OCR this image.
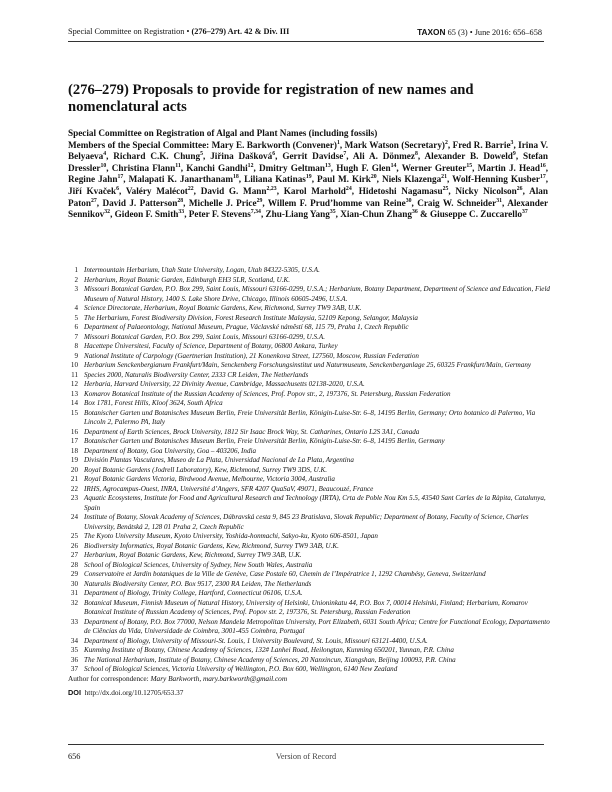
Special Committee on Registration • (276–279) Art. 42 & Div. III	TAXON 65 (3) • June 2016: 656–658
(276–279) Proposals to provide for registration of new names and nomenclatural acts

Special Committee on Registration of Algal and Plant Names (including fossils)

Members of the Special Committee: Mary E. Barkworth (Convener)$^1$, Mark Watson (Secretary)$^2$, Fred R. Barrie$^3$, Irina V. Belyaeva$^4$, Richard C.K. Chung$^5$, Jiřina Dašková$^6$, Gerrit Davidse$^7$, Ali A. Dönmez$^8$, Alexander B. Doweld$^9$, Stefan Dressler$^{10}$, Christina Flann$^{11}$, Kanchi Gandhi$^{12}$, Dmitry Geltman$^{13}$, Hugh F. Glen$^{14}$, Werner Greuter$^{15}$, Martin J. Head$^{16}$, Regine Jahn$^{17}$, Malapati K. Janarthanam$^{18}$, Liliana Katinas$^{19}$, Paul M. Kirk$^{20}$, Niels Klazenga$^{21}$, Wolf-Henning Kusber$^{17}$, Jiří Kvaček$^6$, Valéry Malécot$^{22}$, David G. Mann$^{2,23}$, Karol Marhold$^{24}$, Hidetoshi Nagamasu$^{25}$, Nicky Nicolson$^{26}$, Alan Paton$^{27}$, David J. Patterson$^{28}$, Michelle J. Price$^{29}$, Willem F. Prud’homme van Reine$^{30}$, Craig W. Schneider$^{31}$, Alexander Sennikov$^{32}$, Gideon F. Smith$^{33}$, Peter F. Stevens$^{7,34}$, Zhu-Liang Yang$^{35}$, Xian-Chun Zhang$^{36}$ & Giuseppe C. Zuccarello$^{37}$

1 Intermountain Herbarium, Utah State University, Logan, Utah 84322-5305, U.S.A.
2 Herbarium, Royal Botanic Garden, Edinburgh EH3 5LR, Scotland, U.K.
3 Missouri Botanical Garden, P.O. Box 299, Saint Louis, Missouri 63166-0299, U.S.A.; Herbarium, Botany Department, Department of Science and Education, Field Museum of Natural History, 1400 S. Lake Shore Drive, Chicago, Illinois 60605-2496, U.S.A.
4 Science Directorate, Herbarium, Royal Botanic Gardens, Kew, Richmond, Surrey TW9 3AB, U.K.
5 The Herbarium, Forest Biodiversity Division, Forest Research Institute Malaysia, 52109 Kepong, Selangor, Malaysia
6 Department of Palaeontology, National Museum, Prague, Václavské náměstí 68, 115 79, Praha 1, Czech Republic
7 Missouri Botanical Garden, P.O. Box 299, Saint Louis, Missouri 63166-0299, U.S.A.
8 Hacettepe Üniversitesi, Faculty of Science, Department of Botany, 06800 Ankara, Turkey
9 National Institute of Carpology (Gaertnerian Institution), 21 Konenkova Street, 127560, Moscow, Russian Federation
10 Herbarium Senckenbergianum Frankfurt/Main, Senckenberg Forschungsinstitut und Naturmuseum, Senckenberganlage 25, 60325 Frankfurt/Main, Germany
11 Species 2000, Naturalis Biodiversity Center, 2333 CR Leiden, The Netherlands
12 Herbaria, Harvard University, 22 Divinity Avenue, Cambridge, Massachusetts 02138-2020, U.S.A.
13 Komarov Botanical Institute of the Russian Academy of Sciences, Prof. Popov str., 2, 197376, St. Petersburg, Russian Federation
14 Box 1781, Forest Hills, Kloof 3624, South Africa
15 Botanischer Garten und Botanisches Museum Berlin, Freie Universität Berlin, Königin-Luise-Str. 6–8, 14195 Berlin, Germany; Orto botanico di Palermo, Via Lincoln 2, Palermo PA, Italy
16 Department of Earth Sciences, Brock University, 1812 Sir Isaac Brock Way, St. Catharines, Ontario L2S 3A1, Canada
17 Botanischer Garten und Botanisches Museum Berlin, Freie Universität Berlin, Königin-Luise-Str. 6–8, 14195 Berlin, Germany
18 Department of Botany, Goa University, Goa – 403206, India
19 División Plantas Vasculares, Museo de La Plata, Universidad Nacional de La Plata, Argentina
20 Royal Botanic Gardens (Jodrell Laboratory), Kew, Richmond, Surrey TW9 3DS, U.K.
21 Royal Botanic Gardens Victoria, Birdwood Avenue, Melbourne, Victoria 3004, Australia
22 IRHS, Agrocampus-Ouest, INRA, Université d’Angers, SFR 4207 QuaSaV, 49071, Beaucouzé, France
23 Aquatic Ecosystems, Institute for Food and Agricultural Research and Technology (IRTA), Crta de Poble Nou Km 5.5, 43540 Sant Carles de la Ràpita, Catalunya, Spain
24 Institute of Botany, Slovak Academy of Sciences, Dúbravská cesta 9, 845 23 Bratislava, Slovak Republic; Department of Botany, Faculty of Science, Charles University, Benátská 2, 128 01 Praha 2, Czech Republic
25 The Kyoto University Museum, Kyoto University, Yoshida-honmachi, Sakyo-ku, Kyoto 606-8501, Japan
26 Biodiversity Informatics, Royal Botanic Gardens, Kew, Richmond, Surrey TW9 3AB, U.K.
27 Herbarium, Royal Botanic Gardens, Kew, Richmond, Surrey TW9 3AB, U.K.
28 School of Biological Sciences, University of Sydney, New South Wales, Australia
29 Conservatoire et Jardin botaniques de la Ville de Genève, Case Postale 60, Chemin de l’Impératrice 1, 1292 Chambésy, Geneva, Switzerland
30 Naturalis Biodiversity Center, P.O. Box 9517, 2300 RA Leiden, The Netherlands
31 Department of Biology, Trinity College, Hartford, Connecticut 06106, U.S.A.
32 Botanical Museum, Finnish Museum of Natural History, University of Helsinki, Unioninkatu 44, P.O. Box 7, 00014 Helsinki, Finland; Herbarium, Komarov Botanical Institute of Russian Academy of Sciences, Prof. Popov str. 2, 197376, St. Petersburg, Russian Federation
33 Department of Botany, P.O. Box 77000, Nelson Mandela Metropolitan University, Port Elizabeth, 6031 South Africa; Centre for Functional Ecology, Departamento de Ciências da Vida, Universidade de Coimbra, 3001-455 Coimbra, Portugal
34 Department of Biology, University of Missouri-St. Louis, 1 University Boulevard, St. Louis, Missouri 63121-4400, U.S.A.
35 Kunming Institute of Botany, Chinese Academy of Sciences, 132# Lanhei Road, Heilongtan, Kunming 650201, Yunnan, P.R. China
36 The National Herbarium, Institute of Botany, Chinese Academy of Sciences, 20 Nanxincun, Xiangshan, Beijing 100093, P.R. China
37 School of Biological Sciences, Victoria University of Wellington, P.O. Box 600, Wellington, 6140 New Zealand
Author for correspondence: Mary Barkworth, mary.barkworth@gmail.com
DOI http://dx.doi.org/10.12705/653.37
656	Version of Record
